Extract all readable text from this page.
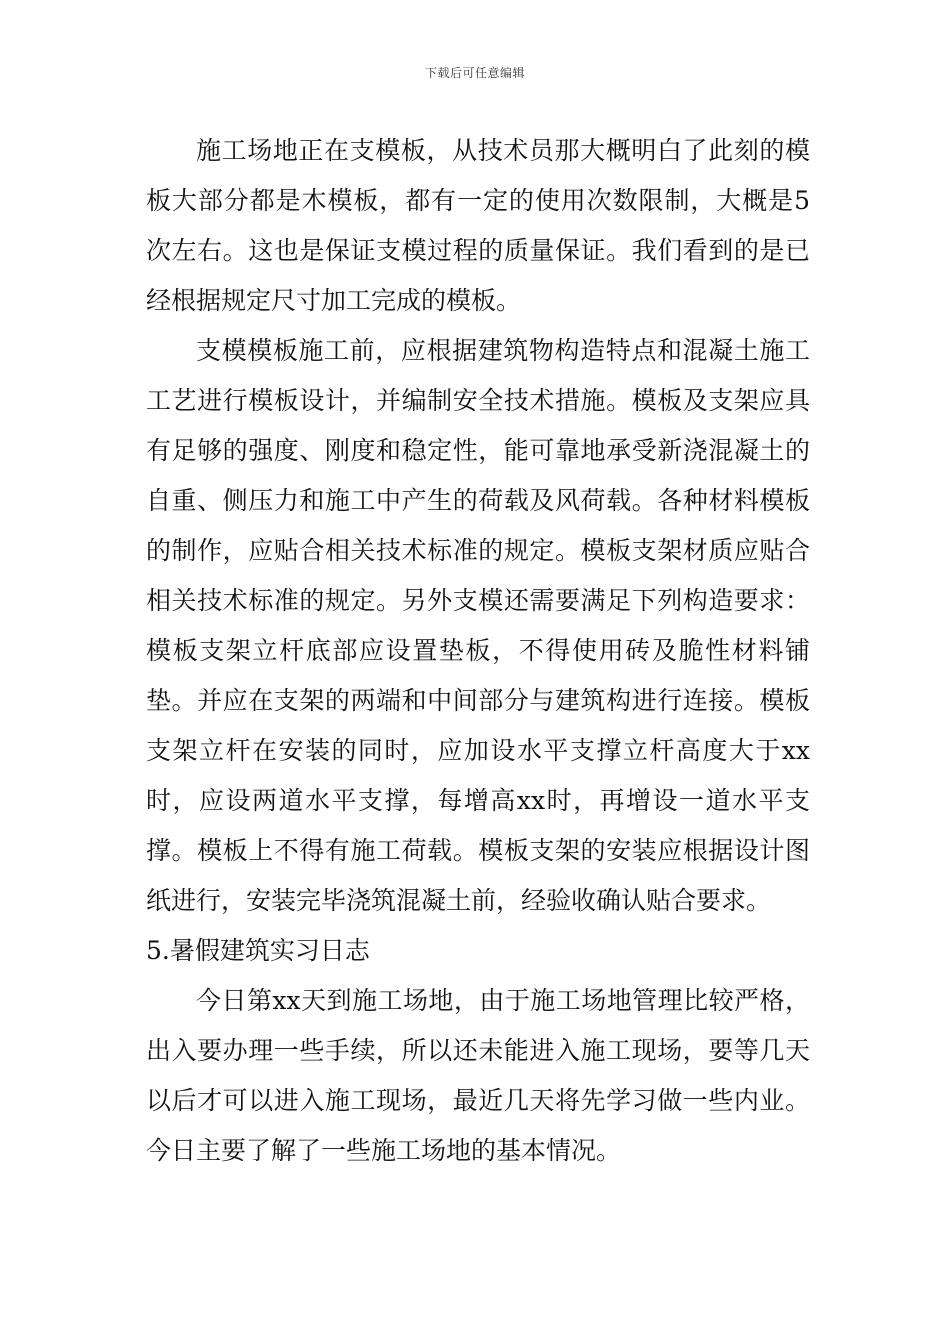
下载后可任意编辑

施工场地正在支模板，从技术员那大概明白了此刻的模板大部分都是木模板，都有一定的使用次数限制，大概是5次左右。这也是保证支模过程的质量保证。我们看到的是已经根据规定尺寸加工完成的模板。

支模模板施工前，应根据建筑物构造特点和混凝土施工工艺进行模板设计，并编制安全技术措施。模板及支架应具有足够的强度、刚度和稳定性，能可靠地承受新浇混凝土的自重、侧压力和施工中产生的荷载及风荷载。各种材料模板的制作，应贴合相关技术标准的规定。模板支架材质应贴合相关技术标准的规定。另外支模还需要满足下列构造要求：模板支架立杆底部应设置垫板，不得使用砖及脆性材料铺垫。并应在支架的两端和中间部分与建筑构进行连接。模板支架立杆在安装的同时，应加设水平支撑立杆高度大于xx时，应设两道水平支撑，每增高xx时，再增设一道水平支撑。模板上不得有施工荷载。模板支架的安装应根据设计图纸进行，安装完毕浇筑混凝土前，经验收确认贴合要求。

5.暑假建筑实习日志

今日第xx天到施工场地，由于施工场地管理比较严格，出入要办理一些手续，所以还未能进入施工现场，要等几天以后才可以进入施工现场，最近几天将先学习做一些内业。今日主要了解了一些施工场地的基本情况。
